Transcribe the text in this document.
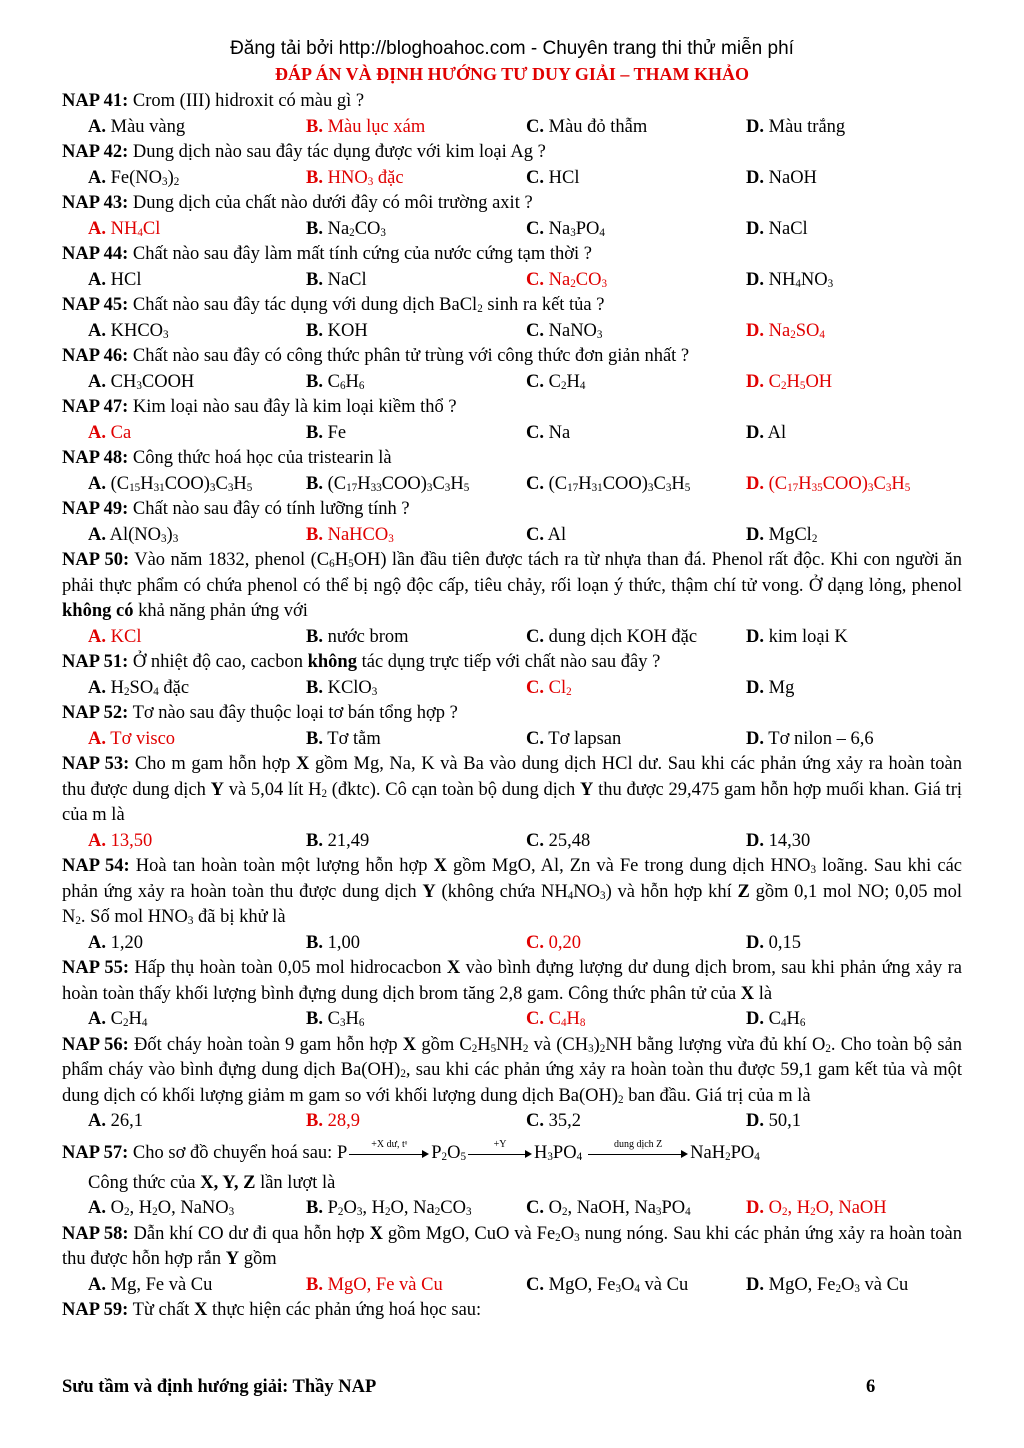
Đăng tải bởi http://bloghoahoc.com - Chuyên trang thi thử miễn phí
ĐÁP ÁN VÀ ĐỊNH HƯỚNG TƯ DUY GIẢI – THAM KHẢO
NAP 41: Crom (III) hidroxit có màu gì ?
A. Màu vàng	B. Màu lục xám	C. Màu đỏ thẫm	D. Màu trắng
NAP 42: Dung dịch nào sau đây tác dụng được với kim loại Ag ?
A. $Fe(NO_3)_2$	B. $HNO_3$ đặc	C. HCl	D. NaOH
NAP 43: Dung dịch của chất nào dưới đây có môi trường axit ?
A. $NH_4Cl$	B. $Na_2CO_3$	C. $Na_3PO_4$	D. NaCl
NAP 44: Chất nào sau đây làm mất tính cứng của nước cứng tạm thời ?
A. HCl	B. NaCl	C. $Na_2CO_3$	D. $NH_4NO_3$
NAP 45: Chất nào sau đây tác dụng với dung dịch BaCl$_2$ sinh ra kết tủa ?
A. $KHCO_3$	B. KOH	C. NaNO$_3$	D. $Na_2SO_4$
NAP 46: Chất nào sau đây có công thức phân tử trùng với công thức đơn giản nhất ?
A. $CH_3COOH$	B. $C_6H_6$	C. $C_2H_4$	D. $C_2H_5OH$
NAP 47: Kim loại nào sau đây là kim loại kiềm thổ ?
A. Ca	B. Fe	C. Na	D. Al
NAP 48: Công thức hoá học của tristearin là
A. $(C_{15}H_{31}COO)_3C_3H_5$	B. $(C_{17}H_{33}COO)_3C_3H_5$	C. $(C_{17}H_{31}COO)_3C_3H_5$	D. $(C_{17}H_{35}COO)_3C_3H_5$
NAP 49: Chất nào sau đây có tính lưỡng tính ?
A. $Al(NO_3)_3$	B. NaHCO$_3$	C. Al	D. MgCl$_2$
NAP 50: Vào năm 1832, phenol $(C_6H_5OH)$ lần đầu tiên được tách ra từ nhựa than đá. Phenol rất độc. Khi con người ăn phải thực phẩm có chứa phenol có thể bị ngộ độc cấp, tiêu chảy, rối loạn ý thức, thậm chí tử vong. Ở dạng lỏng, phenol không có khả năng phản ứng với
A. KCl	B. nước brom	C. dung dịch KOH đặc	D. kim loại K
NAP 51: Ở nhiệt độ cao, cacbon không tác dụng trực tiếp với chất nào sau đây ?
A. $H_2SO_4$ đặc	B. KClO$_3$	C. $Cl_2$	D. Mg
NAP 52: Tơ nào sau đây thuộc loại tơ bán tổng hợp ?
A. Tơ visco	B. Tơ tằm	C. Tơ lapsan	D. Tơ nilon – 6,6
NAP 53: Cho m gam hỗn hợp X gồm Mg, Na, K và Ba vào dung dịch HCl dư. Sau khi các phản ứng xảy ra hoàn toàn thu được dung dịch Y và 5,04 lít $H_2$ (đktc). Cô cạn toàn bộ dung dịch Y thu được 29,475 gam hỗn hợp muối khan. Giá trị của m là
A. 13,50	B. 21,49	C. 25,48	D. 14,30
NAP 54: Hoà tan hoàn toàn một lượng hỗn hợp X gồm MgO, Al, Zn và Fe trong dung dịch $HNO_3$ loãng. Sau khi các phản ứng xảy ra hoàn toàn thu được dung dịch Y (không chứa $NH_4NO_3$) và hỗn hợp khí Z gồm 0,1 mol NO; 0,05 mol $N_2$. Số mol $HNO_3$ đã bị khử là
A. 1,20	B. 1,00	C. 0,20	D. 0,15
NAP 55: Hấp thụ hoàn toàn 0,05 mol hidrocacbon X vào bình đựng lượng dư dung dịch brom, sau khi phản ứng xảy ra hoàn toàn thấy khối lượng bình đựng dung dịch brom tăng 2,8 gam. Công thức phân tử của X là
A. $C_2H_4$	B. $C_3H_6$	C. $C_4H_8$	D. $C_4H_6$
NAP 56: Đốt cháy hoàn toàn 9 gam hỗn hợp X gồm $C_2H_5NH_2$ và $(CH_3)_2NH$ bằng lượng vừa đủ khí $O_2$. Cho toàn bộ sản phẩm cháy vào bình đựng dung dịch $Ba(OH)_2$, sau khi các phản ứng xảy ra hoàn toàn thu được 59,1 gam kết tủa và một dung dịch có khối lượng giảm m gam so với khối lượng dung dịch $Ba(OH)_2$ ban đầu. Giá trị của m là
A. 26,1	B. 28,9	C. 35,2	D. 50,1
NAP 57: Cho sơ đồ chuyển hoá sau: P	+X dư, $t^0$	$P_2O_5$
+Y	$H_3PO_4$
dung dịch Z	$NaH_2PO_4$
Công thức của X, Y, Z lần lượt là
A. $O_2$, $H_2O$, NaNO$_3$	B. $P_2O_3$, $H_2O$, $Na_2CO_3$	C. $O_2$, NaOH, $Na_3PO_4$	D. $O_2$, $H_2O$, NaOH
NAP 58: Dẫn khí CO dư đi qua hỗn hợp X gồm MgO, CuO và $Fe_2O_3$ nung nóng. Sau khi các phản ứng xảy ra hoàn toàn thu được hỗn hợp rắn Y gồm
A. Mg, Fe và Cu	B. MgO, Fe và Cu	C. MgO, $Fe_3O_4$ và Cu	D. MgO, $Fe_2O_3$ và Cu
NAP 59: Từ chất X thực hiện các phản ứng hoá học sau:
Sưu tầm và định hướng giải: Thầy NAP	6
